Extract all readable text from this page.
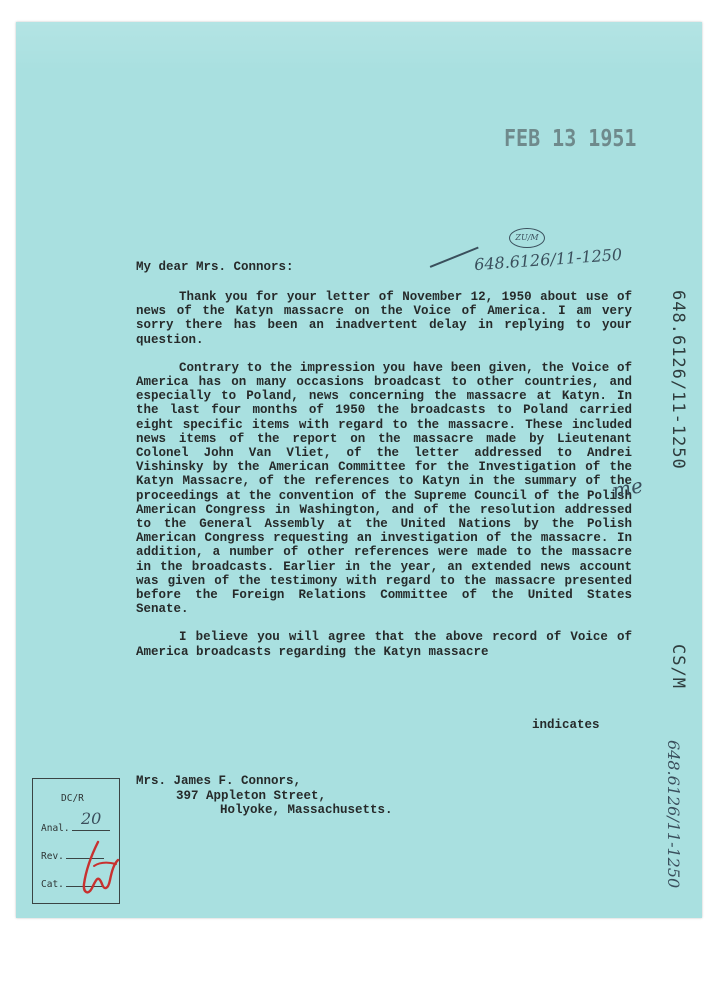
FEB 13 1951
ZU/M
648.6126/11-1250
My dear Mrs. Connors:

Thank you for your letter of November 12, 1950 about use of news of the Katyn massacre on the Voice of America. I am very sorry there has been an inadvertent delay in replying to your question.

Contrary to the impression you have been given, the Voice of America has on many occasions broadcast to other countries, and especially to Poland, news concerning the massacre at Katyn. In the last four months of 1950 the broadcasts to Poland carried eight specific items with regard to the massacre. These included news items of the report on the massacre made by Lieutenant Colonel John Van Vliet, of the letter addressed to Andrei Vishinsky by the American Committee for the Investigation of the Katyn Massacre, of the references to Katyn in the summary of the proceedings at the convention of the Supreme Council of the Polish American Congress in Washington, and of the resolution addressed to the General Assembly at the United Nations by the Polish American Congress requesting an investigation of the massacre. In addition, a number of other references were made to the massacre in the broadcasts. Earlier in the year, an extended news account was given of the testimony with regard to the massacre presented before the Foreign Relations Committee of the United States Senate.

I believe you will agree that the above record of Voice of America broadcasts regarding the Katyn massacre

me
indicates
Mrs. James F. Connors,
397 Appleton Street,
Holyoke, Massachusetts.
648.6126/11-1250
CS/M
648.6126/11-1250
DC/R
Anal.
20
Rev.
Cat.
